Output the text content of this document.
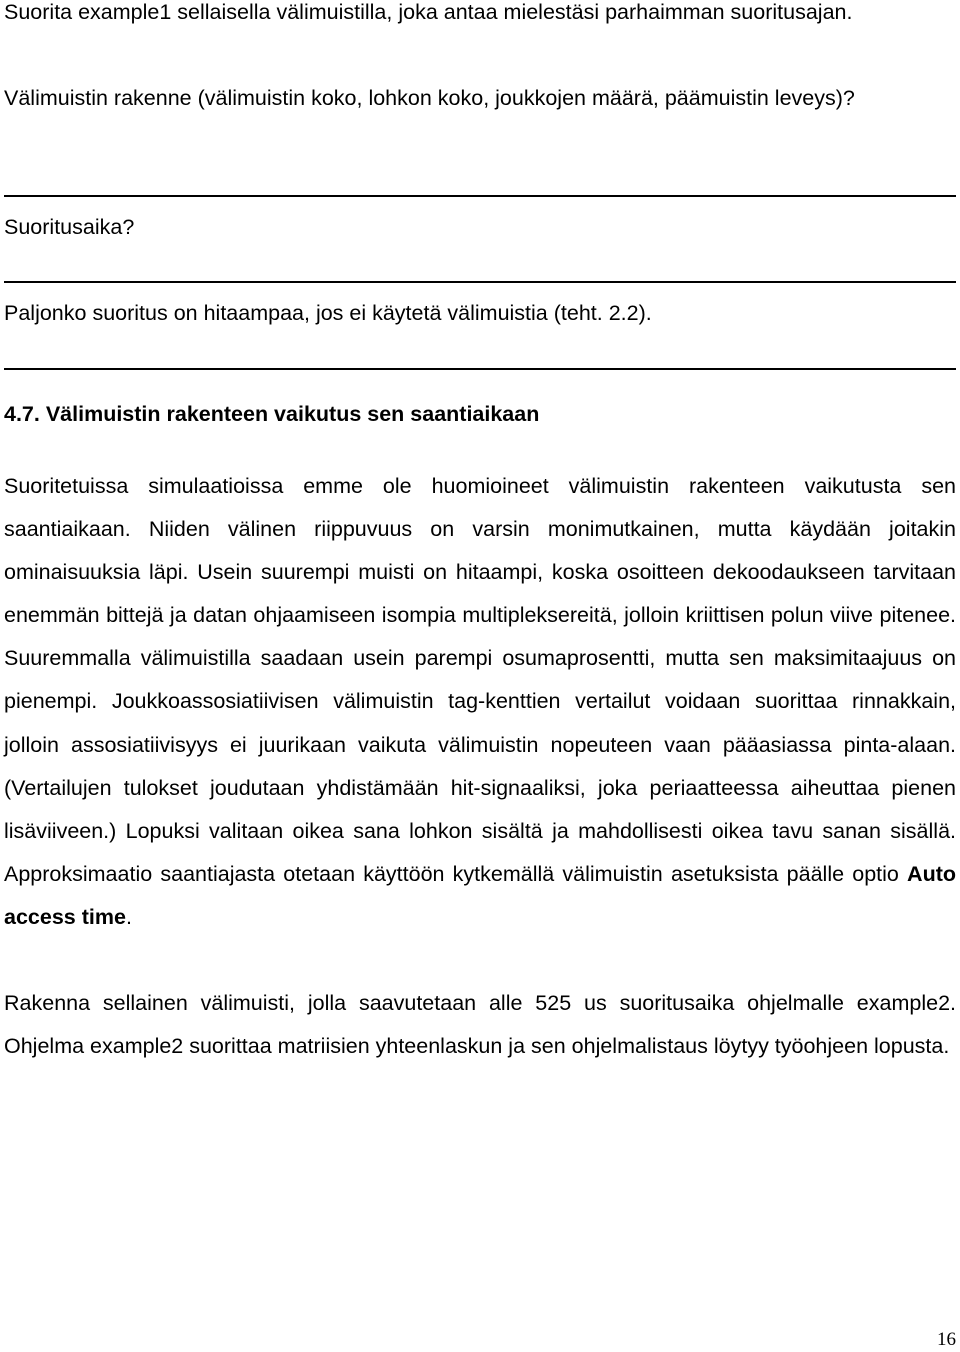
Suorita example1 sellaisella välimuistilla, joka antaa mielestäsi parhaimman suoritusajan.

Välimuistin rakenne (välimuistin koko, lohkon koko, joukkojen määrä, päämuistin leveys)?

Suoritusaika?

Paljonko suoritus on hitaampaa, jos ei käytetä välimuistia (teht. 2.2).

4.7. Välimuistin rakenteen vaikutus sen saantiaikaan

Suoritetuissa simulaatioissa emme ole huomioineet välimuistin rakenteen vaikutusta sen saantiaikaan. Niiden välinen riippuvuus on varsin monimutkainen, mutta käydään joitakin ominaisuuksia läpi. Usein suurempi muisti on hitaampi, koska osoitteen dekoodaukseen tarvitaan enemmän bittejä ja datan ohjaamiseen isompia multipleksereitä, jolloin kriittisen polun viive pitenee. Suuremmalla välimuistilla saadaan usein parempi osumaprosentti, mutta sen maksimitaajuus on pienempi. Joukkoassosiatiivisen välimuistin tag-kenttien vertailut voidaan suorittaa rinnakkain, jolloin assosiatiivisyys ei juurikaan vaikuta välimuistin nopeuteen vaan pääasiassa pinta-alaan. (Vertailujen tulokset joudutaan yhdistämään hit-signaaliksi, joka periaatteessa aiheuttaa pienen lisäviiveen.) Lopuksi valitaan oikea sana lohkon sisältä ja mahdollisesti oikea tavu sanan sisällä. Approksimaatio saantiajasta otetaan käyttöön kytkemällä välimuistin asetuksista päälle optio Auto access time.

Rakenna sellainen välimuisti, jolla saavutetaan alle 525 us suoritusaika ohjelmalle example2. Ohjelma example2 suorittaa matriisien yhteenlaskun ja sen ohjelmalistaus löytyy työohjeen lopusta.

16
